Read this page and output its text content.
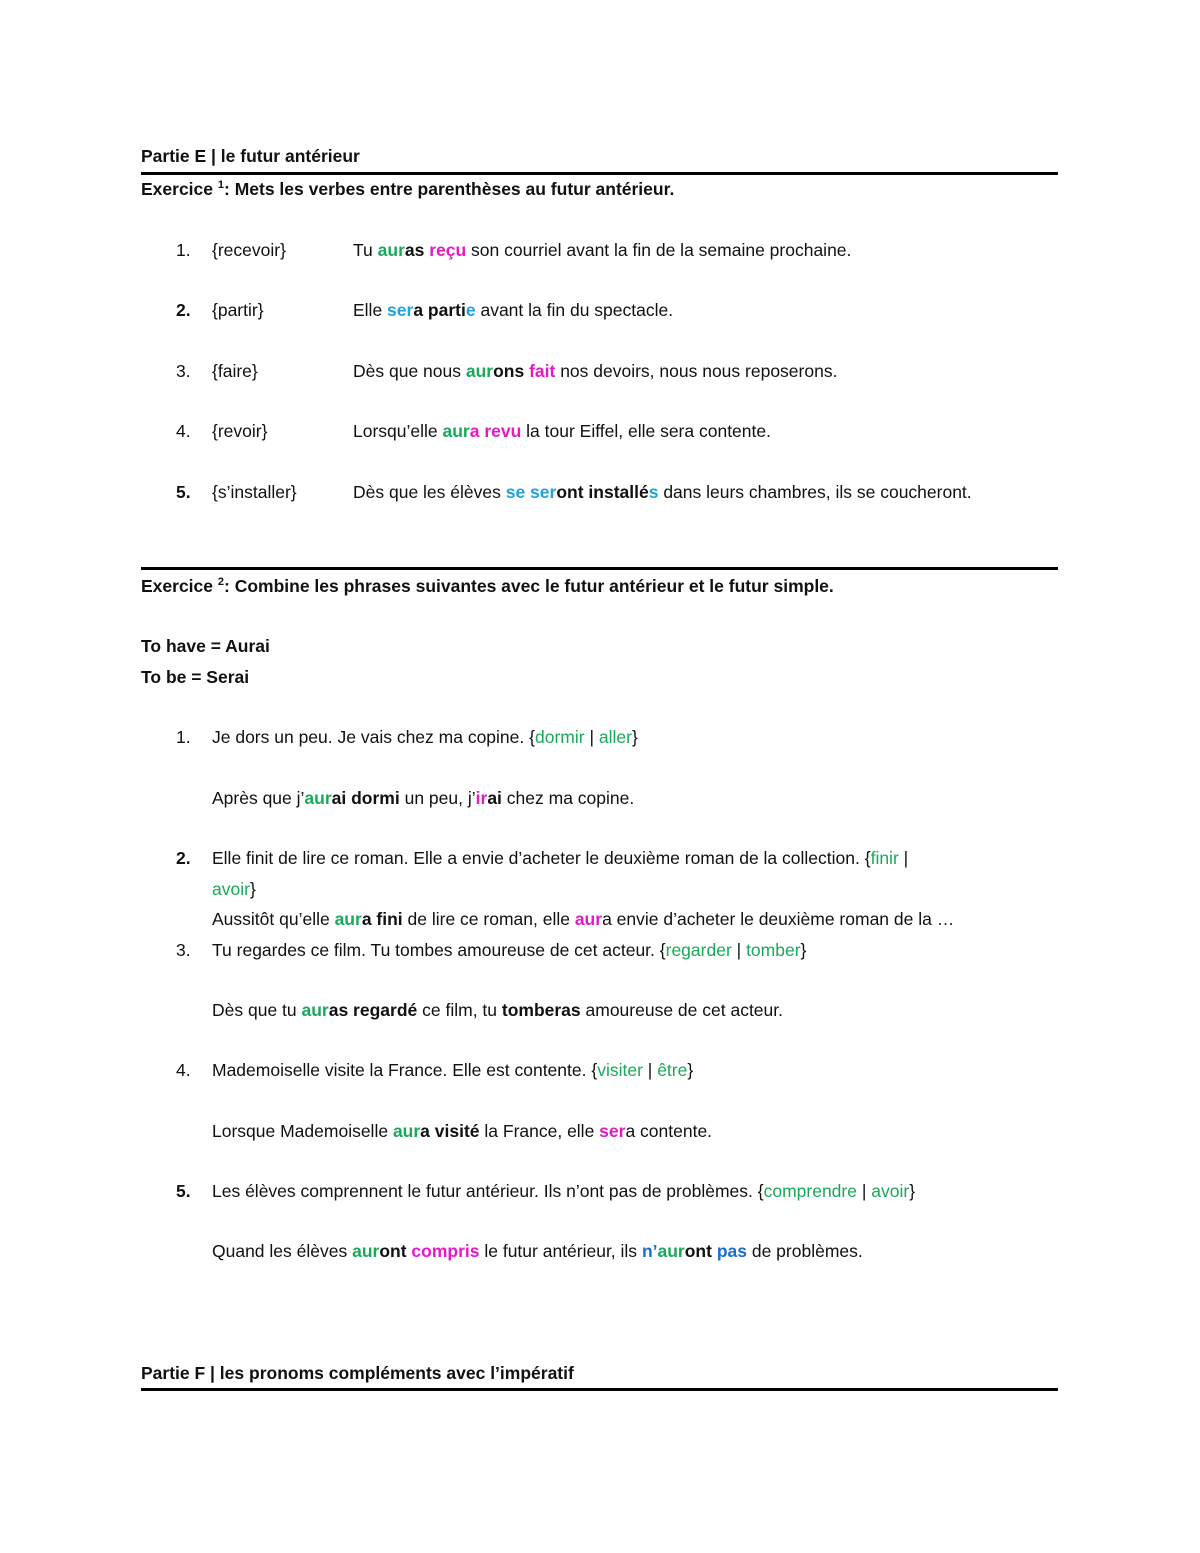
Partie E | le futur antérieur
Exercice $^1$: Mets les verbes entre parenthèses au futur antérieur.
1.	{recevoir}	Tu auras reçu son courriel avant la fin de la semaine prochaine.
2.	{partir}	Elle sera partie avant la fin du spectacle.
3.	{faire}	Dès que nous aurons fait nos devoirs, nous nous reposerons.
4.	{revoir}	Lorsqu’elle aura revu la tour Eiffel, elle sera contente.
5.	{s’installer}	Dès que les élèves se seront installés dans leurs chambres, ils se coucheront.
Exercice $^2$: Combine les phrases suivantes avec le futur antérieur et le futur simple.
To have = Aurai
To be = Serai
1.	Je dors un peu. Je vais chez ma copine. {dormir | aller}
Après que j’aurai dormi un peu, j’irai chez ma copine.
2.	Elle finit de lire ce roman. Elle a envie d’acheter le deuxième roman de la collection. {finir |
avoir}
Aussitôt qu’elle aura fini de lire ce roman, elle aura envie d’acheter le deuxième roman de la …
3.	Tu regardes ce film. Tu tombes amoureuse de cet acteur. {regarder | tomber}
Dès que tu auras regardé ce film, tu tomberas amoureuse de cet acteur.
4.	Mademoiselle visite la France. Elle est contente. {visiter | être}
Lorsque Mademoiselle aura visité la France, elle sera contente.
5.	Les élèves comprennent le futur antérieur. Ils n’ont pas de problèmes. {comprendre | avoir}
Quand les élèves auront compris le futur antérieur, ils n’auront pas de problèmes.
Partie F | les pronoms compléments avec l’impératif
